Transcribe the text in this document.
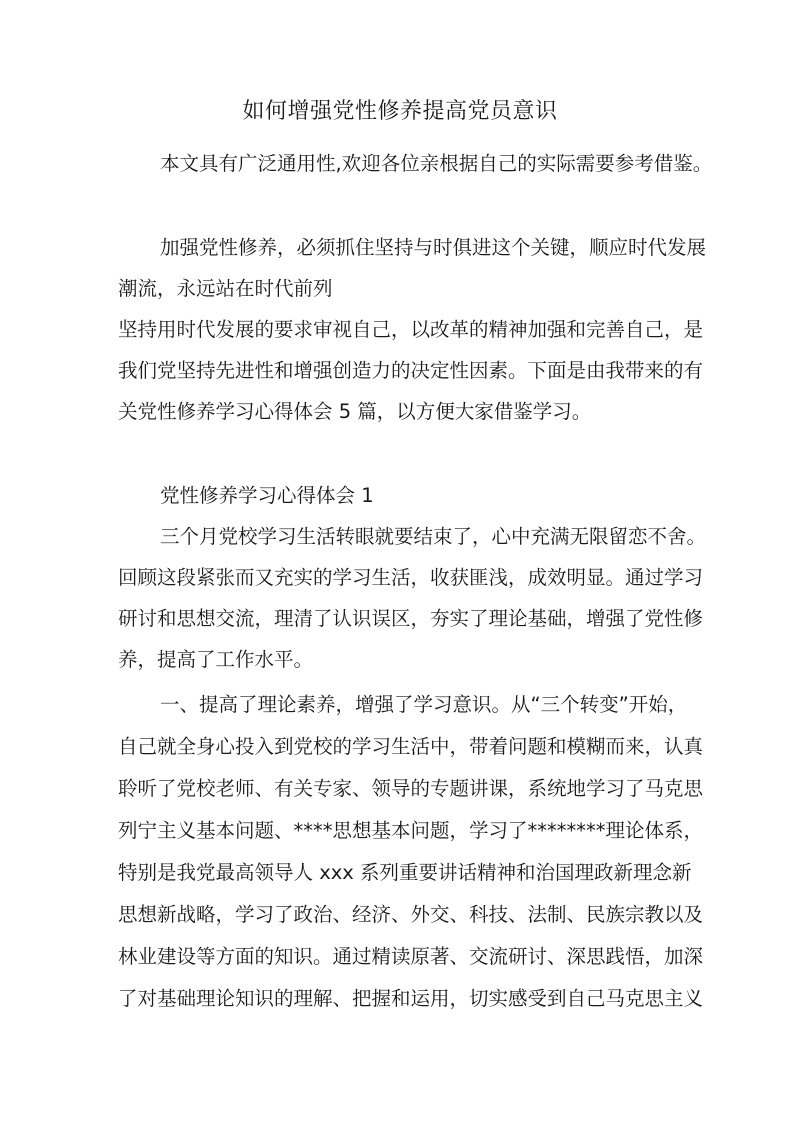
如何增强党性修养提高党员意识
本文具有广泛通用性,欢迎各位亲根据自己的实际需要参考借鉴。
加强党性修养，必须抓住坚持与时俱进这个关键，顺应时代发展
潮流，永远站在时代前列
坚持用时代发展的要求审视自己，以改革的精神加强和完善自己，是
我们党坚持先进性和增强创造力的决定性因素。下面是由我带来的有
关党性修养学习心得体会 5 篇，以方便大家借鉴学习。
党性修养学习心得体会 1
三个月党校学习生活转眼就要结束了，心中充满无限留恋不舍。
回顾这段紧张而又充实的学习生活，收获匪浅，成效明显。通过学习
研讨和思想交流，理清了认识误区，夯实了理论基础，增强了党性修
养，提高了工作水平。
一、提高了理论素养，增强了学习意识。从“三个转变”开始，
自己就全身心投入到党校的学习生活中，带着问题和模糊而来，认真
聆听了党校老师、有关专家、领导的专题讲课，系统地学习了马克思
列宁主义基本问题、****思想基本问题，学习了********理论体系，
特别是我党最高领导人 xxx 系列重要讲话精神和治国理政新理念新
思想新战略，学习了政治、经济、外交、科技、法制、民族宗教以及
林业建设等方面的知识。通过精读原著、交流研讨、深思践悟，加深
了对基础理论知识的理解、把握和运用，切实感受到自己马克思主义
